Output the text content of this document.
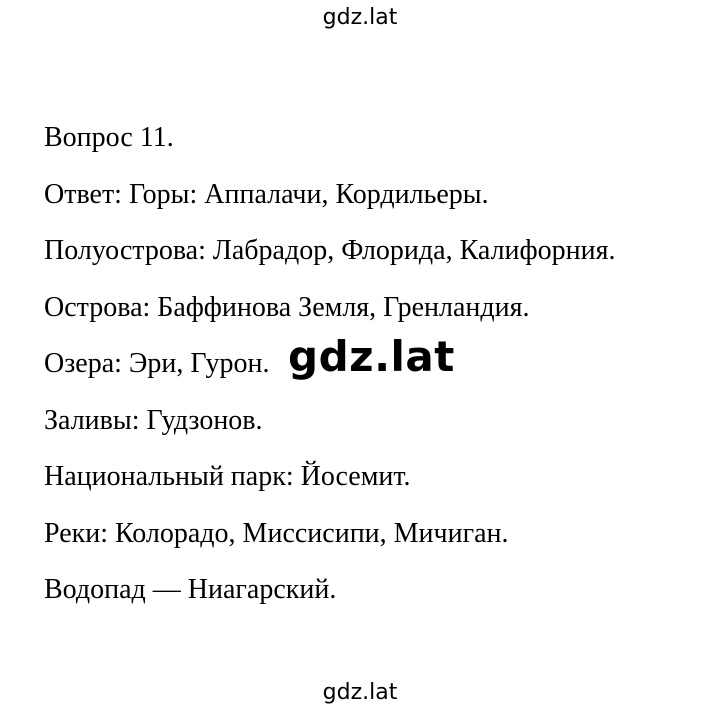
gdz.lat
Вопрос 11.
Ответ: Горы: Аппалачи, Кордильеры.
Полуострова: Лабрадор, Флорида, Калифорния.
Острова: Баффинова Земля, Гренландия.
Озера: Эри, Гурон.
Заливы: Гудзонов.
Национальный парк: Йосемит.
Реки: Колорадо, Миссисипи, Мичиган.
Водопад — Ниагарский.
gdz.lat
gdz.lat
